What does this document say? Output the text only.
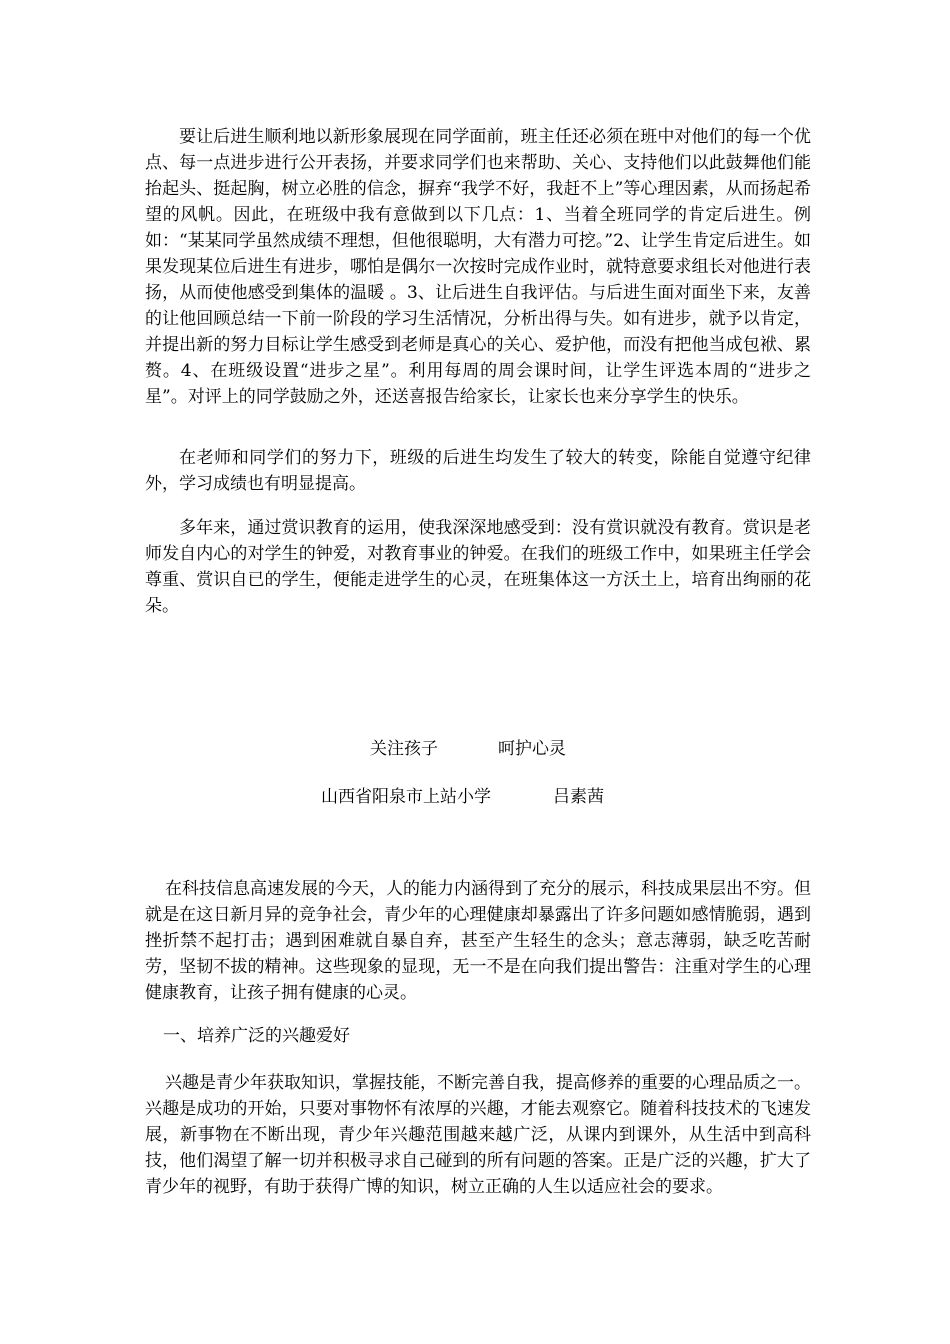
要让后进生顺利地以新形象展现在同学面前，班主任还必须在班中对他们的每一个优点、每一点进步进行公开表扬，并要求同学们也来帮助、关心、支持他们以此鼓舞他们能抬起头、挺起胸，树立必胜的信念，摒弃“我学不好，我赶不上”等心理因素，从而扬起希望的风帆。因此，在班级中我有意做到以下几点：1、当着全班同学的肯定后进生。例如：“某某同学虽然成绩不理想，但他很聪明，大有潜力可挖。”2、让学生肯定后进生。如果发现某位后进生有进步，哪怕是偶尔一次按时完成作业时，就特意要求组长对他进行表扬，从而使他感受到集体的温暖 。3、让后进生自我评估。与后进生面对面坐下来，友善的让他回顾总结一下前一阶段的学习生活情况，分析出得与失。如有进步，就予以肯定，并提出新的努力目标让学生感受到老师是真心的关心、爱护他，而没有把他当成包袱、累赘。4、在班级设置“进步之星”。利用每周的周会课时间，让学生评选本周的“进步之星”。对评上的同学鼓励之外，还送喜报告给家长，让家长也来分享学生的快乐。

在老师和同学们的努力下，班级的后进生均发生了较大的转变，除能自觉遵守纪律外，学习成绩也有明显提高。

多年来，通过赏识教育的运用，使我深深地感受到：没有赏识就没有教育。赏识是老师发自内心的对学生的钟爱，对教育事业的钟爱。在我们的班级工作中，如果班主任学会尊重、赏识自已的学生，便能走进学生的心灵，在班集体这一方沃土上，培育出绚丽的花朵。

关注孩子	呵护心灵

山西省阳泉市上站小学	吕素茜

在科技信息高速发展的今天，人的能力内涵得到了充分的展示，科技成果层出不穷。但就是在这日新月异的竞争社会，青少年的心理健康却暴露出了许多问题如感情脆弱，遇到挫折禁不起打击；遇到困难就自暴自弃，甚至产生轻生的念头；意志薄弱，缺乏吃苦耐劳，坚韧不拔的精神。这些现象的显现，无一不是在向我们提出警告：注重对学生的心理健康教育，让孩子拥有健康的心灵。

一、培养广泛的兴趣爱好

兴趣是青少年获取知识，掌握技能，不断完善自我，提高修养的重要的心理品质之一。兴趣是成功的开始，只要对事物怀有浓厚的兴趣，才能去观察它。随着科技技术的飞速发展，新事物在不断出现，青少年兴趣范围越来越广泛，从课内到课外，从生活中到高科技，他们渴望了解一切并积极寻求自己碰到的所有问题的答案。正是广泛的兴趣，扩大了青少年的视野，有助于获得广博的知识，树立正确的人生以适应社会的要求。
